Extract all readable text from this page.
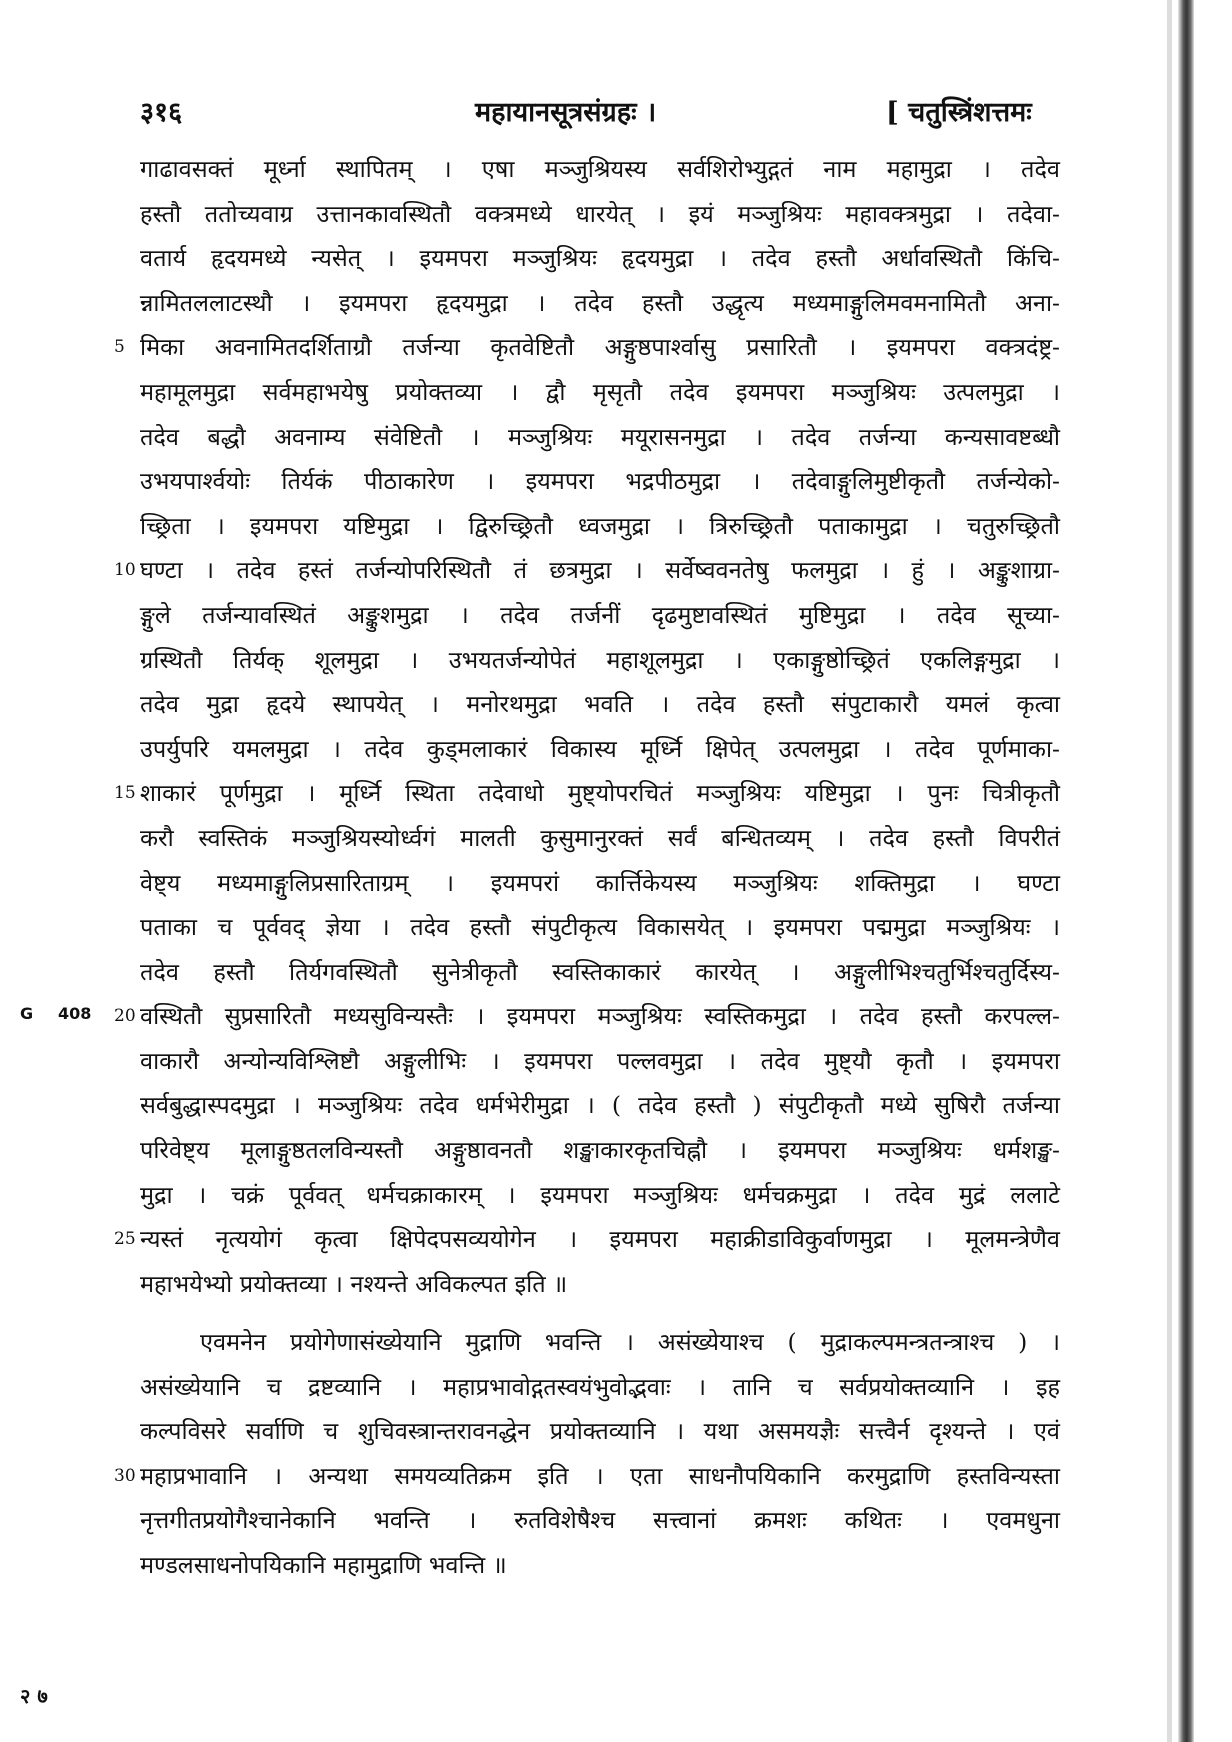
३१६	महायानसूत्रसंग्रहः ।	[ चतुस्त्रिंशत्तमः
गाढावसक्तं मूर्ध्ना स्थापितम् । एषा मञ्जुश्रियस्य सर्वशिरोभ्युद्गतं नाम महामुद्रा । तदेव
हस्तौ ततोच्यवाग्र उत्तानकावस्थितौ वक्त्रमध्ये धारयेत् । इयं मञ्जुश्रियः महावक्त्रमुद्रा । तदेवा-
वतार्य हृदयमध्ये न्यसेत् । इयमपरा मञ्जुश्रियः हृदयमुद्रा । तदेव हस्तौ अर्धावस्थितौ किंचि-
न्नामितललाटस्थौ । इयमपरा हृदयमुद्रा । तदेव हस्तौ उद्धृत्य मध्यमाङ्गुलिमवमनामितौ अना-
5 मिका अवनामितदर्शिताग्रौ तर्जन्या कृतवेष्टितौ अङ्गुष्ठपार्श्वासु प्रसारितौ । इयमपरा वक्त्रदंष्ट्र-
महामूलमुद्रा सर्वमहाभयेषु प्रयोक्तव्या । द्वौ मृसृतौ तदेव इयमपरा मञ्जुश्रियः उत्पलमुद्रा ।
तदेव बद्धौ अवनाम्य संवेष्टितौ । मञ्जुश्रियः मयूरासनमुद्रा । तदेव तर्जन्या कन्यसावष्टब्धौ
उभयपार्श्वयोः तिर्यकं पीठाकारेण । इयमपरा भद्रपीठमुद्रा । तदेवाङ्गुलिमुष्टीकृतौ तर्जन्येको-
च्छ्रिता । इयमपरा यष्टिमुद्रा । द्विरुच्छ्रितौ ध्वजमुद्रा । त्रिरुच्छ्रितौ पताकामुद्रा । चतुरुच्छ्रितौ
10 घण्टा । तदेव हस्तं तर्जन्योपरिस्थितौ तं छत्रमुद्रा । सर्वेष्ववनतेषु फलमुद्रा । हुं । अङ्कुशाग्रा-
ङ्गुले तर्जन्यावस्थितं अङ्कुशमुद्रा । तदेव तर्जनीं दृढमुष्टावस्थितं मुष्टिमुद्रा । तदेव सूच्या-
ग्रस्थितौ तिर्यक् शूलमुद्रा । उभयतर्जन्योपेतं महाशूलमुद्रा । एकाङ्गुष्ठोच्छ्रितं एकलिङ्गमुद्रा ।
तदेव मुद्रा हृदये स्थापयेत् । मनोरथमुद्रा भवति । तदेव हस्तौ संपुटाकारौ यमलं कृत्वा
उपर्युपरि यमलमुद्रा । तदेव कुड्मलाकारं विकास्य मूर्ध्नि क्षिपेत् उत्पलमुद्रा । तदेव पूर्णमाका-
15 शाकारं पूर्णमुद्रा । मूर्ध्नि स्थिता तदेवाधो मुष्ट्योपरचितं मञ्जुश्रियः यष्टिमुद्रा । पुनः चित्रीकृतौ
करौ स्वस्तिकं मञ्जुश्रियस्योर्ध्वगं मालती कुसुमानुरक्तं सर्वं बन्धितव्यम् । तदेव हस्तौ विपरीतं
वेष्ट्य मध्यमाङ्गुलिप्रसारिताग्रम् । इयमपरां कार्त्तिकेयस्य मञ्जुश्रियः शक्तिमुद्रा । घण्टा
पताका च पूर्ववद् ज्ञेया । तदेव हस्तौ संपुटीकृत्य विकासयेत् । इयमपरा पद्ममुद्रा मञ्जुश्रियः ।
तदेव हस्तौ तिर्यगवस्थितौ सुनेत्रीकृतौ स्वस्तिकाकारं कारयेत् । अङ्गुलीभिश्चतुर्भिश्चतुर्दिस्य-
20 वस्थितौ सुप्रसारितौ मध्यसुविन्यस्तैः । इयमपरा मञ्जुश्रियः स्वस्तिकमुद्रा । तदेव हस्तौ करपल्ल-
वाकारौ अन्योन्यविश्लिष्टौ अङ्गुलीभिः । इयमपरा पल्लवमुद्रा । तदेव मुष्ट्यौ कृतौ । इयमपरा
सर्वबुद्धास्पदमुद्रा । मञ्जुश्रियः तदेव धर्मभेरीमुद्रा । ( तदेव हस्तौ ) संपुटीकृतौ मध्ये सुषिरौ तर्जन्या
परिवेष्ट्य मूलाङ्गुष्ठतलविन्यस्तौ अङ्गुष्ठावनतौ शङ्खाकारकृतचिह्नौ । इयमपरा मञ्जुश्रियः धर्मशङ्ख-
मुद्रा । चक्रं पूर्ववत् धर्मचक्राकारम् । इयमपरा मञ्जुश्रियः धर्मचक्रमुद्रा । तदेव मुद्रं ललाटे
25 न्यस्तं नृत्ययोगं कृत्वा क्षिपेदपसव्ययोगेन । इयमपरा महाक्रीडाविकुर्वाणमुद्रा । मूलमन्त्रेणैव
महाभयेभ्यो प्रयोक्तव्या । नश्यन्ते अविकल्पत इति ॥
एवमनेन प्रयोगेणासंख्येयानि मुद्राणि भवन्ति । असंख्येयाश्च ( मुद्राकल्पमन्त्रतन्त्राश्च ) ।
असंख्येयानि च द्रष्टव्यानि । महाप्रभावोद्गतस्वयंभुवोद्भवाः । तानि च सर्वप्रयोक्तव्यानि । इह
कल्पविसरे सर्वाणि च शुचिवस्त्रान्तरावनद्धेन प्रयोक्तव्यानि । यथा असमयज्ञैः सत्त्वैर्न दृश्यन्ते । एवं
30 महाप्रभावानि । अन्यथा समयव्यतिक्रम इति । एता साधनौपयिकानि करमुद्राणि हस्तविन्यस्ता
नृत्तगीतप्रयोगैश्चानेकानि भवन्ति । रुतविशेषैश्च सत्त्वानां क्रमशः कथितः । एवमधुना
मण्डलसाधनोपयिकानि महामुद्राणि भवन्ति ॥
G 408
२ ७
